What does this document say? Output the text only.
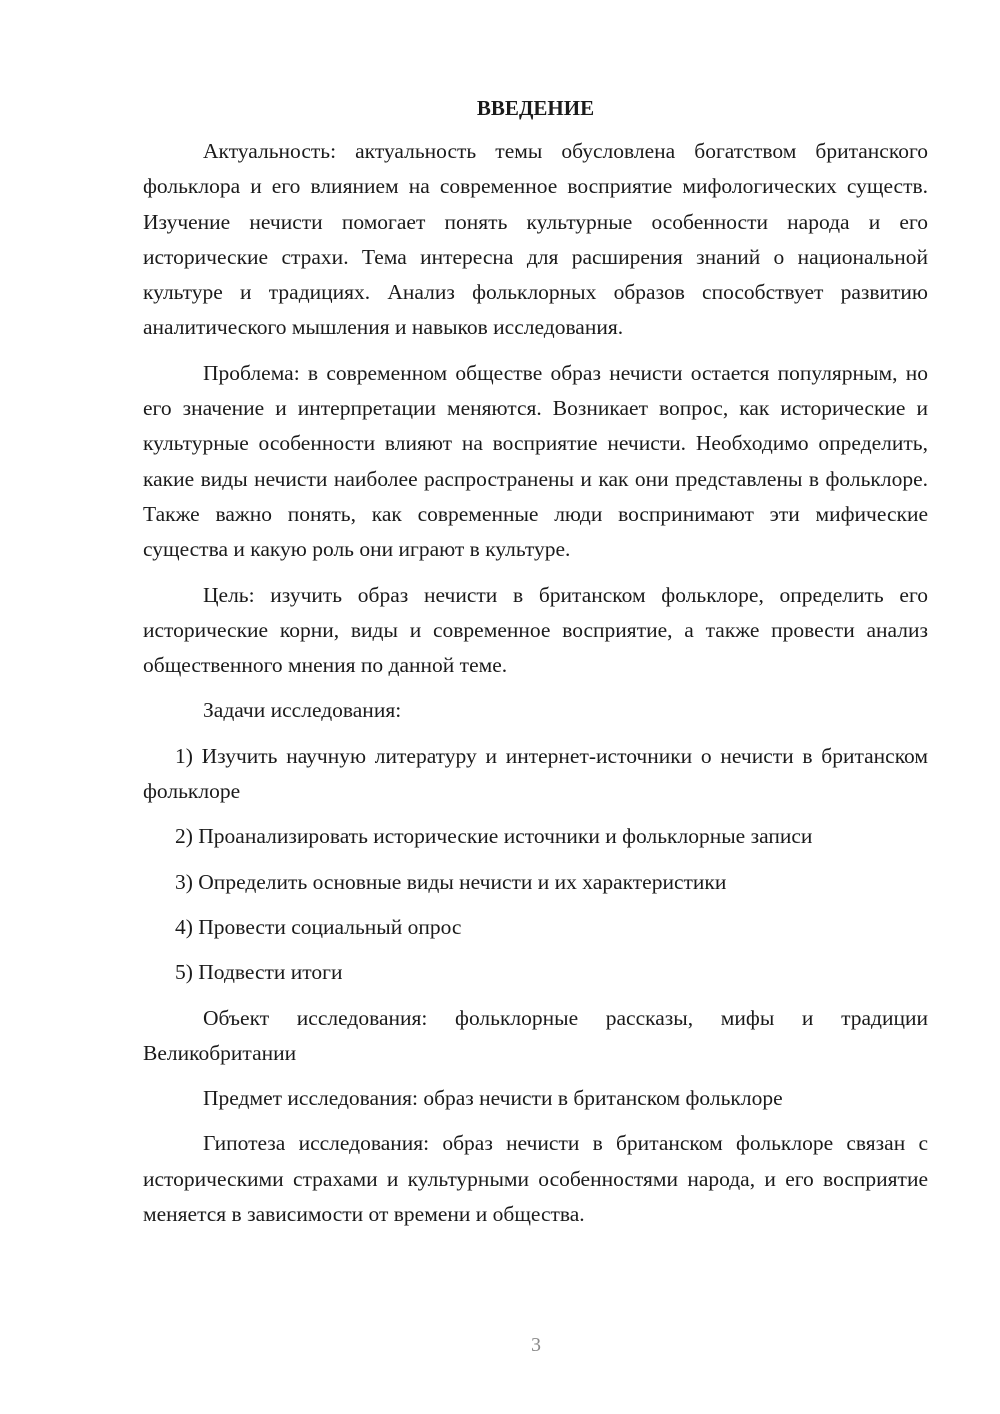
ВВЕДЕНИЕ

Актуальность: актуальность темы обусловлена богатством британского фольклора и его влиянием на современное восприятие мифологических существ. Изучение нечисти помогает понять культурные особенности народа и его исторические страхи. Тема интересна для расширения знаний о национальной культуре и традициях. Анализ фольклорных образов способствует развитию аналитического мышления и навыков исследования.

Проблема: в современном обществе образ нечисти остается популярным, но его значение и интерпретации меняются. Возникает вопрос, как исторические и культурные особенности влияют на восприятие нечисти. Необходимо определить, какие виды нечисти наиболее распространены и как они представлены в фольклоре. Также важно понять, как современные люди воспринимают эти мифические существа и какую роль они играют в культуре.

Цель: изучить образ нечисти в британском фольклоре, определить его исторические корни, виды и современное восприятие, а также провести анализ общественного мнения по данной теме.

Задачи исследования:

1) Изучить научную литературу и интернет-источники о нечисти в британском фольклоре

2) Проанализировать исторические источники и фольклорные записи

3) Определить основные виды нечисти и их характеристики

4) Провести социальный опрос

5) Подвести итоги

Объект исследования: фольклорные рассказы, мифы и традиции Великобритании

Предмет исследования: образ нечисти в британском фольклоре

Гипотеза исследования: образ нечисти в британском фольклоре связан с историческими страхами и культурными особенностями народа, и его восприятие меняется в зависимости от времени и общества.

3
